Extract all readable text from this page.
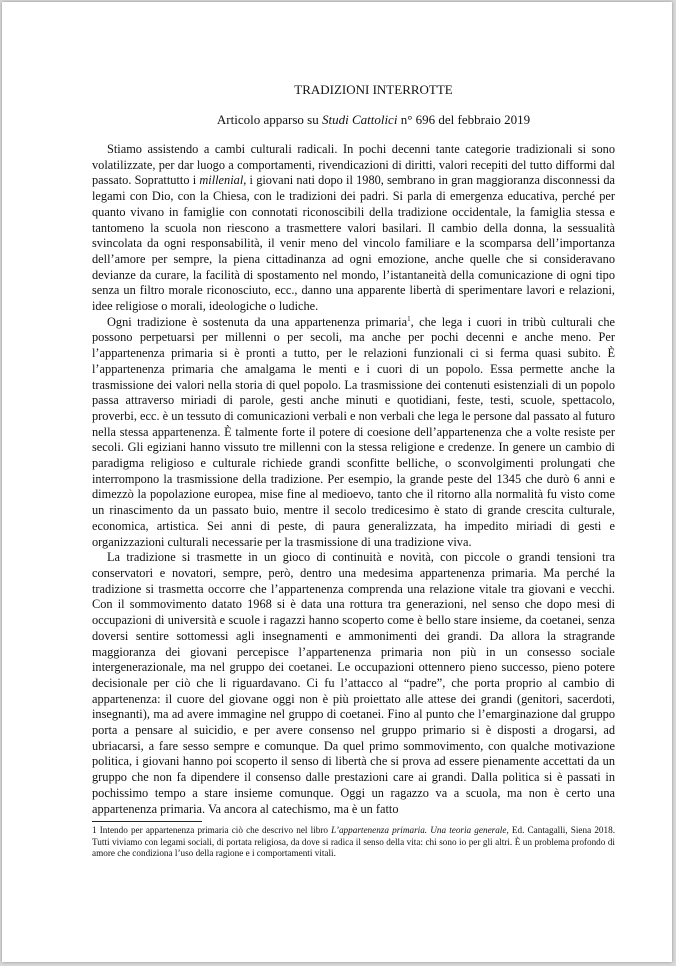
TRADIZIONI INTERROTTE

Articolo apparso su Studi Cattolici n° 696 del febbraio 2019

Stiamo assistendo a cambi culturali radicali. In pochi decenni tante categorie tradizionali si sono volatilizzate, per dar luogo a comportamenti, rivendicazioni di diritti, valori recepiti del tutto difformi dal passato. Soprattutto i millenial, i giovani nati dopo il 1980, sembrano in gran maggioranza disconnessi da legami con Dio, con la Chiesa, con le tradizioni dei padri. Si parla di emergenza educativa, perché per quanto vivano in famiglie con connotati riconoscibili della tradizione occidentale, la famiglia stessa e tantomeno la scuola non riescono a trasmettere valori basilari. Il cambio della donna, la sessualità svincolata da ogni responsabilità, il venir meno del vincolo familiare e la scomparsa dell’importanza dell’amore per sempre, la piena cittadinanza ad ogni emozione, anche quelle che si consideravano devianze da curare, la facilità di spostamento nel mondo, l’istantaneità della comunicazione di ogni tipo senza un filtro morale riconosciuto, ecc., danno una apparente libertà di sperimentare lavori e relazioni, idee religiose o morali, ideologiche o ludiche.

Ogni tradizione è sostenuta da una appartenenza primaria$^1$, che lega i cuori in tribù culturali che possono perpetuarsi per millenni o per secoli, ma anche per pochi decenni e anche meno. Per l’appartenenza primaria si è pronti a tutto, per le relazioni funzionali ci si ferma quasi subito. È l’appartenenza primaria che amalgama le menti e i cuori di un popolo. Essa permette anche la trasmissione dei valori nella storia di quel popolo. La trasmissione dei contenuti esistenziali di un popolo passa attraverso miriadi di parole, gesti anche minuti e quotidiani, feste, testi, scuole, spettacolo, proverbi, ecc. è un tessuto di comunicazioni verbali e non verbali che lega le persone dal passato al futuro nella stessa appartenenza. È talmente forte il potere di coesione dell’appartenenza che a volte resiste per secoli. Gli egiziani hanno vissuto tre millenni con la stessa religione e credenze. In genere un cambio di paradigma religioso e culturale richiede grandi sconfitte belliche, o sconvolgimenti prolungati che interrompono la trasmissione della tradizione. Per esempio, la grande peste del 1345 che durò 6 anni e dimezzò la popolazione europea, mise fine al medioevo, tanto che il ritorno alla normalità fu visto come un rinascimento da un passato buio, mentre il secolo tredicesimo è stato di grande crescita culturale, economica, artistica. Sei anni di peste, di paura generalizzata, ha impedito miriadi di gesti e organizzazioni culturali necessarie per la trasmissione di una tradizione viva.

La tradizione si trasmette in un gioco di continuità e novità, con piccole o grandi tensioni tra conservatori e novatori, sempre, però, dentro una medesima appartenenza primaria. Ma perché la tradizione si trasmetta occorre che l’appartenenza comprenda una relazione vitale tra giovani e vecchi. Con il sommovimento datato 1968 si è data una rottura tra generazioni, nel senso che dopo mesi di occupazioni di università e scuole i ragazzi hanno scoperto come è bello stare insieme, da coetanei, senza doversi sentire sottomessi agli insegnamenti e ammonimenti dei grandi. Da allora la stragrande maggioranza dei giovani percepisce l’appartenenza primaria non più in un consesso sociale intergenerazionale, ma nel gruppo dei coetanei. Le occupazioni ottennero pieno successo, pieno potere decisionale per ciò che li riguardavano. Ci fu l’attacco al “padre”, che porta proprio al cambio di appartenenza: il cuore del giovane oggi non è più proiettato alle attese dei grandi (genitori, sacerdoti, insegnanti), ma ad avere immagine nel gruppo di coetanei. Fino al punto che l’emarginazione dal gruppo porta a pensare al suicidio, e per avere consenso nel gruppo primario si è disposti a drogarsi, ad ubriacarsi, a fare sesso sempre e comunque. Da quel primo sommovimento, con qualche motivazione politica, i giovani hanno poi scoperto il senso di libertà che si prova ad essere pienamente accettati da un gruppo che non fa dipendere il consenso dalle prestazioni care ai grandi. Dalla politica si è passati in pochissimo tempo a stare insieme comunque. Oggi un ragazzo va a scuola, ma non è certo una appartenenza primaria. Va ancora al catechismo, ma è un fatto

1 Intendo per appartenenza primaria ciò che descrivo nel libro L’appartenenza primaria. Una teoria generale, Ed. Cantagalli, Siena 2018. Tutti viviamo con legami sociali, di portata religiosa, da dove si radica il senso della vita: chi sono io per gli altri. È un problema profondo di amore che condiziona l’uso della ragione e i comportamenti vitali.
